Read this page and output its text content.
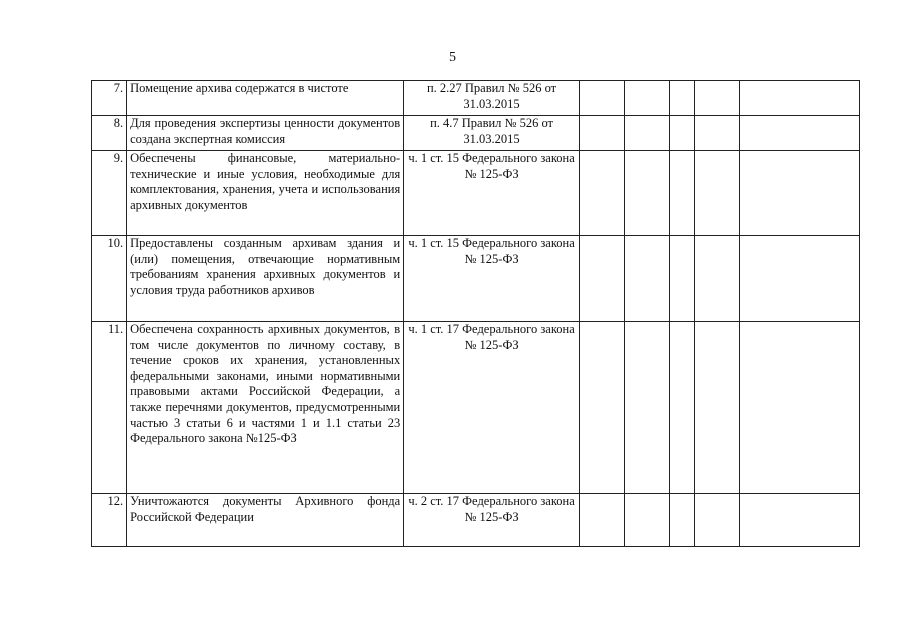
5
7.	Помещение архива содержатся в чистоте	п. 2.27 Правил № 526 от 31.03.2015					
8.	Для проведения экспертизы ценности документов создана экспертная комиссия	п. 4.7 Правил № 526 от 31.03.2015					
9.	Обеспечены финансовые, материально-технические и иные условия, необходимые для комплектования, хранения, учета и использования архивных документов	ч. 1 ст. 15 Федерального закона № 125-ФЗ					
10.	Предоставлены созданным архивам здания и (или) помещения, отвечающие нормативным требованиям хранения архивных документов и условия труда работников архивов	ч. 1 ст. 15 Федерального закона № 125-ФЗ					
11.	Обеспечена сохранность архивных документов, в том числе документов по личному составу, в течение сроков их хранения, установленных федеральными законами, иными нормативными правовыми актами Российской Федерации, а также перечнями документов, предусмотренными частью 3 статьи 6 и частями 1 и 1.1 статьи 23 Федерального закона №125-ФЗ	ч. 1 ст. 17 Федерального закона № 125-ФЗ					
12.	Уничтожаются документы Архивного фонда Российской Федерации	ч. 2 ст. 17 Федерального закона № 125-ФЗ					
